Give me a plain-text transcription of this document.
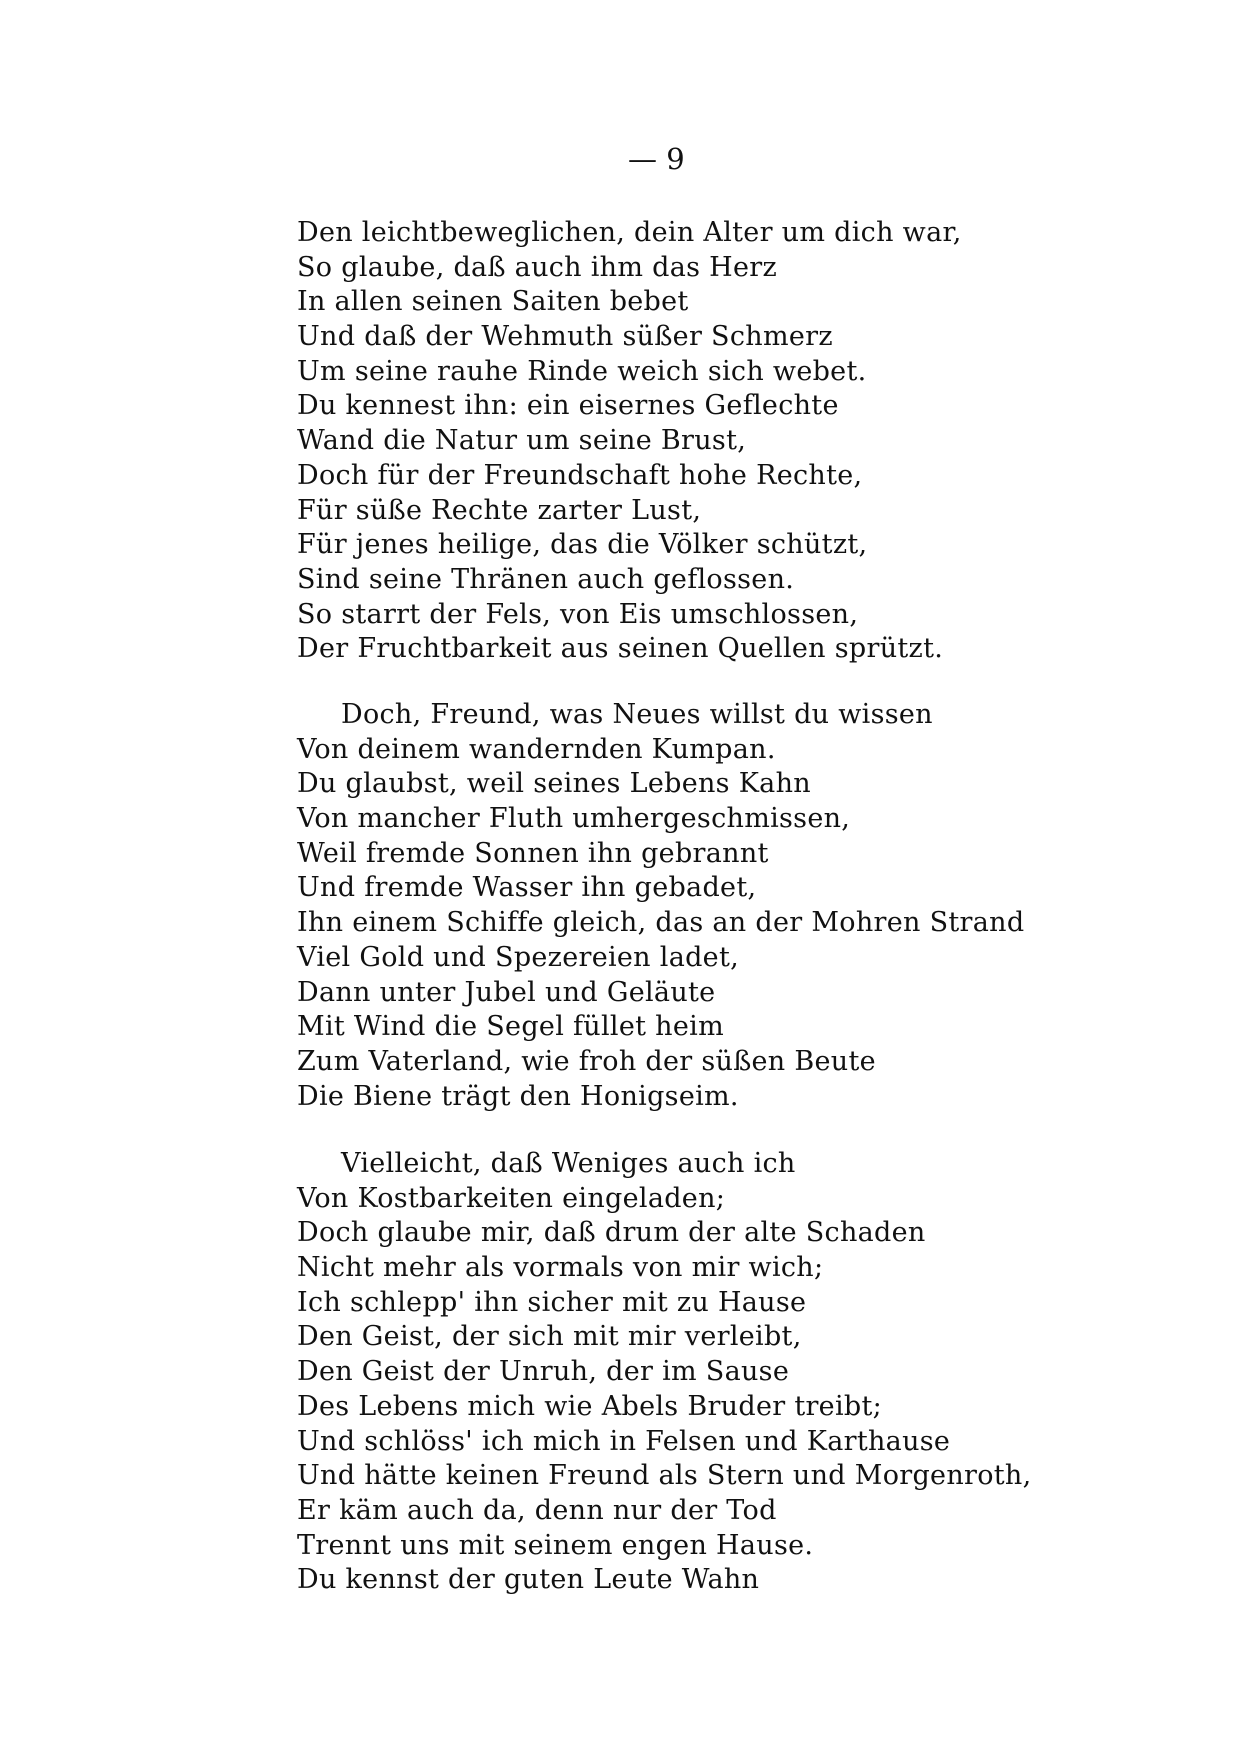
— 9
Den leichtbeweglichen, dein Alter um dich war,
So glaube, daß auch ihm das Herz
In allen seinen Saiten bebet
Und daß der Wehmuth süßer Schmerz
Um seine rauhe Rinde weich sich webet.
Du kennest ihn: ein eisernes Geflechte
Wand die Natur um seine Brust,
Doch für der Freundschaft hohe Rechte,
Für süße Rechte zarter Lust,
Für jenes heilige, das die Völker schützt,
Sind seine Thränen auch geflossen.
So starrt der Fels, von Eis umschlossen,
Der Fruchtbarkeit aus seinen Quellen sprützt.
Doch, Freund, was Neues willst du wissen
Von deinem wandernden Kumpan.
Du glaubst, weil seines Lebens Kahn
Von mancher Fluth umhergeschmissen,
Weil fremde Sonnen ihn gebrannt
Und fremde Wasser ihn gebadet,
Ihn einem Schiffe gleich, das an der Mohren Strand
Viel Gold und Spezereien ladet,
Dann unter Jubel und Geläute
Mit Wind die Segel füllet heim
Zum Vaterland, wie froh der süßen Beute
Die Biene trägt den Honigseim.
Vielleicht, daß Weniges auch ich
Von Kostbarkeiten eingeladen;
Doch glaube mir, daß drum der alte Schaden
Nicht mehr als vormals von mir wich;
Ich schlepp' ihn sicher mit zu Hause
Den Geist, der sich mit mir verleibt,
Den Geist der Unruh, der im Sause
Des Lebens mich wie Abels Bruder treibt;
Und schlöss' ich mich in Felsen und Karthause
Und hätte keinen Freund als Stern und Morgenroth,
Er käm auch da, denn nur der Tod
Trennt uns mit seinem engen Hause.
Du kennst der guten Leute Wahn
